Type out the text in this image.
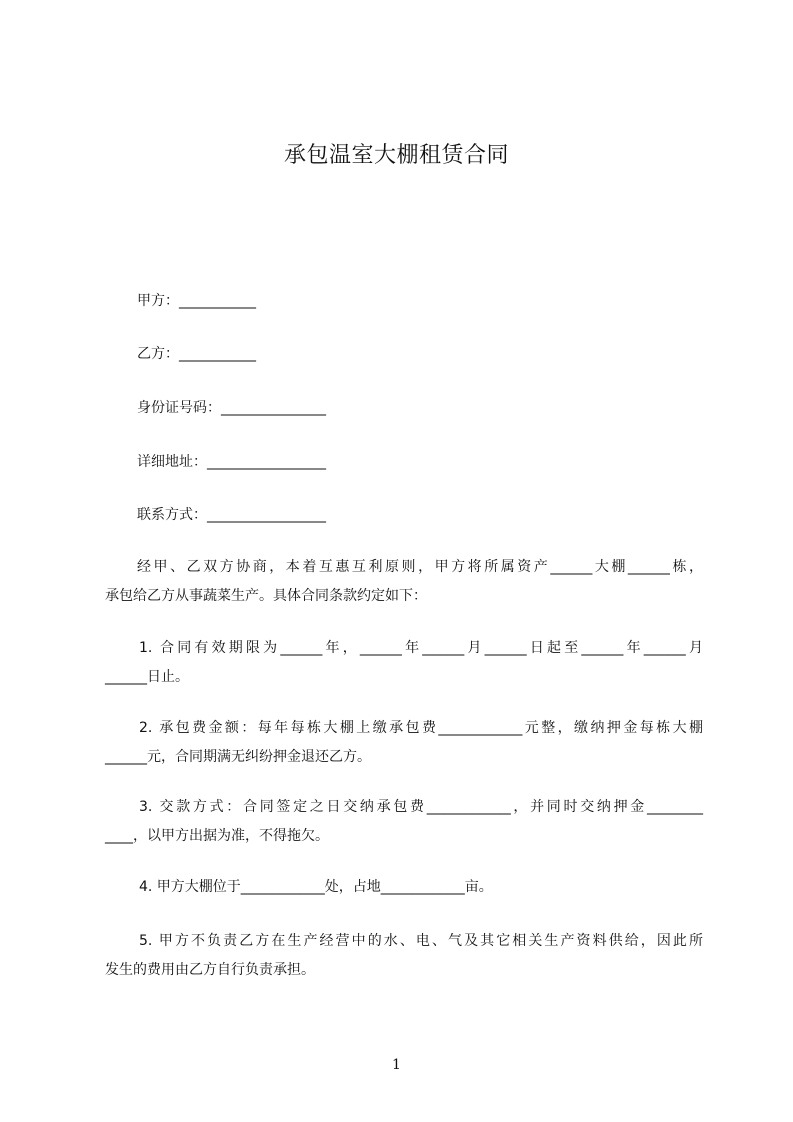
承包温室大棚租赁合同
甲方：___________
乙方：___________
身份证号码：_______________
详细地址：_________________
联系方式：_________________
经甲、乙双方协商，本着互惠互利原则，甲方将所属资产______大棚______栋，
承包给乙方从事蔬菜生产。具体合同条款约定如下：
1. 合同有效期限为______年，______年______月______日起至______年______月
______日止。
2. 承包费金额：每年每栋大棚上缴承包费____________元整，缴纳押金每栋大棚
______元，合同期满无纠纷押金退还乙方。
3. 交款方式：合同签定之日交纳承包费____________，并同时交纳押金________
____，以甲方出据为准，不得拖欠。
4. 甲方大棚位于____________处，占地____________亩。
5. 甲方不负责乙方在生产经营中的水、电、气及其它相关生产资料供给，因此所
发生的费用由乙方自行负责承担。
1
